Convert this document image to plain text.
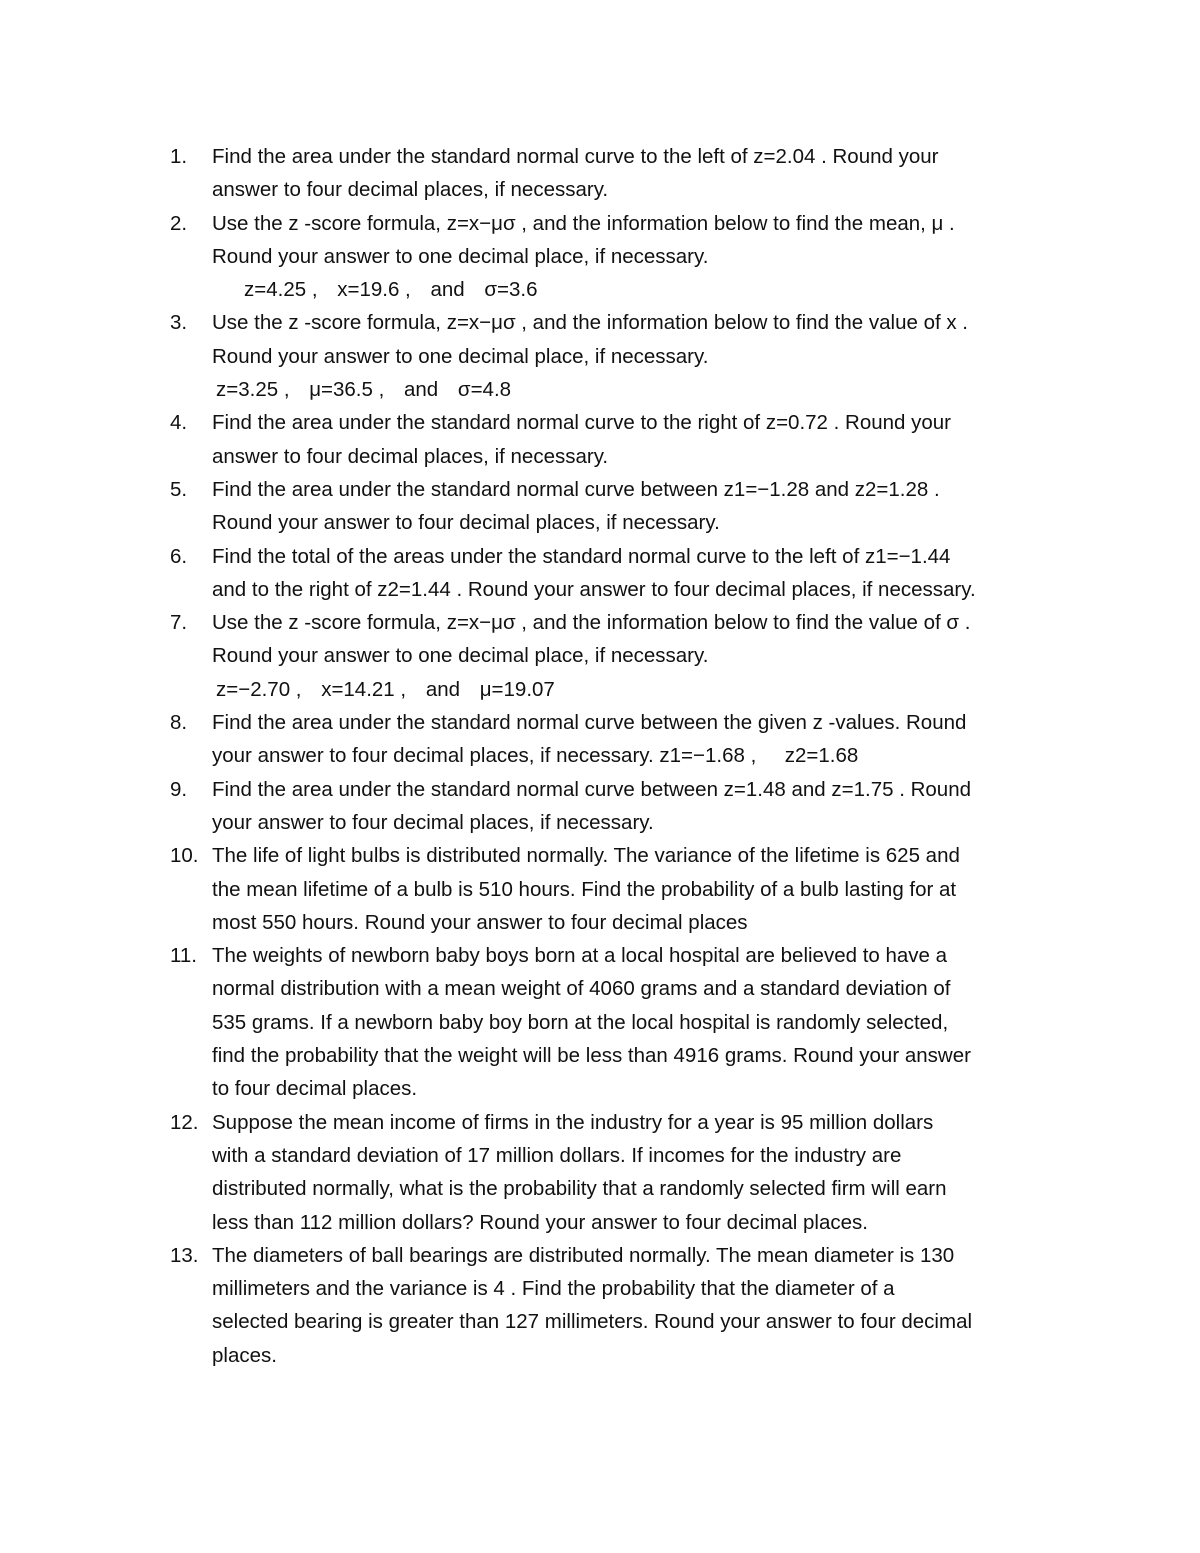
1.	Find the area under the standard normal curve to the left of z=2.04 . Round your
answer to four decimal places, if necessary.
2.	Use the z -score formula, z=x−μσ , and the information below to find the mean, μ .
Round your answer to one decimal place, if necessary.
z=4.25 , x=19.6 , and σ=3.6
3.	Use the z -score formula, z=x−μσ , and the information below to find the value of x .
Round your answer to one decimal place, if necessary.
z=3.25 , μ=36.5 , and σ=4.8
4.	Find the area under the standard normal curve to the right of z=0.72 . Round your
answer to four decimal places, if necessary.
5.	Find the area under the standard normal curve between z1=−1.28 and z2=1.28 .
Round your answer to four decimal places, if necessary.
6.	Find the total of the areas under the standard normal curve to the left of z1=−1.44
and to the right of z2=1.44 . Round your answer to four decimal places, if necessary.
7.	Use the z -score formula, z=x−μσ , and the information below to find the value of σ .
Round your answer to one decimal place, if necessary.
z=−2.70 , x=14.21 , and μ=19.07
8.	Find the area under the standard normal curve between the given z -values. Round
your answer to four decimal places, if necessary. z1=−1.68 ,     z2=1.68
9.	Find the area under the standard normal curve between z=1.48 and z=1.75 . Round
your answer to four decimal places, if necessary.
10. The life of light bulbs is distributed normally. The variance of the lifetime is 625 and
the mean lifetime of a bulb is 510 hours. Find the probability of a bulb lasting for at
most 550 hours. Round your answer to four decimal places
11. The weights of newborn baby boys born at a local hospital are believed to have a
normal distribution with a mean weight of 4060 grams and a standard deviation of
535 grams. If a newborn baby boy born at the local hospital is randomly selected,
find the probability that the weight will be less than 4916 grams. Round your answer
to four decimal places.
12. Suppose the mean income of firms in the industry for a year is 95 million dollars
with a standard deviation of 17 million dollars. If incomes for the industry are
distributed normally, what is the probability that a randomly selected firm will earn
less than 112 million dollars? Round your answer to four decimal places.
13. The diameters of ball bearings are distributed normally. The mean diameter is 130
millimeters and the variance is 4 . Find the probability that the diameter of a
selected bearing is greater than 127 millimeters. Round your answer to four decimal
places.
